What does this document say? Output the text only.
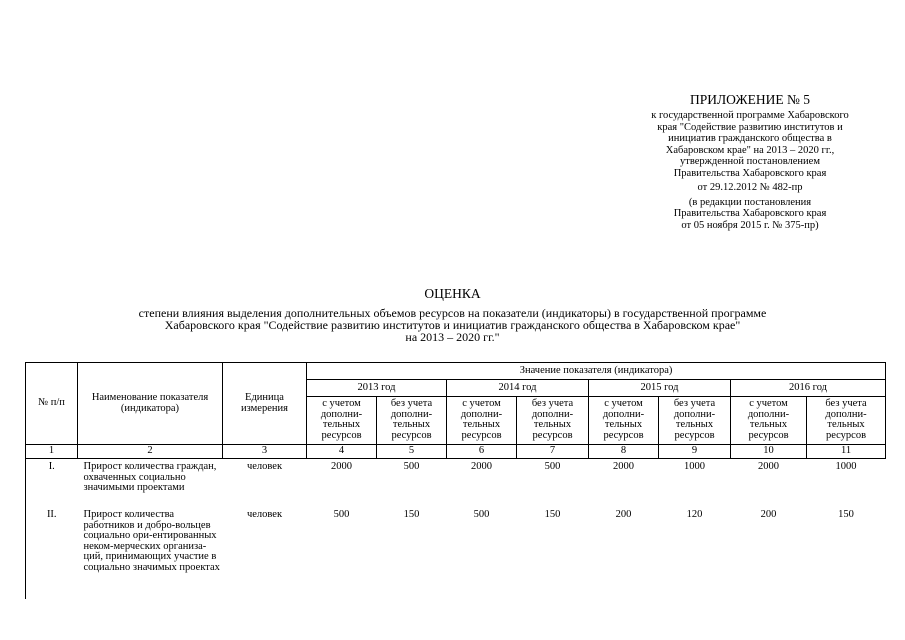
ПРИЛОЖЕНИЕ № 5
к государственной программе Хабаровского
края "Содействие развитию институтов и
инициатив гражданского общества в
Хабаровском крае" на 2013 – 2020 гг.,
утвержденной постановлением
Правительства Хабаровского края
от 29.12.2012 № 482-пр
(в редакции постановления
Правительства Хабаровского края
от 05 ноября 2015 г. № 375-пр)
ОЦЕНКА
степени влияния выделения дополнительных объемов ресурсов на показатели (индикаторы) в государственной программе
Хабаровского края "Содействие развитию институтов и инициатив гражданского общества в Хабаровском крае"
на 2013 – 2020 гг."
№ п/п	Наименование показателя (индикатора)	Единица измерения	Значение показателя (индикатора)							
			2013 год		2014 год		2015 год		2016 год	
			с учетом дополни-тельных ресурсов	без учета дополни-тельных ресурсов	с учетом дополни-тельных ресурсов	без учета дополни-тельных ресурсов	с учетом дополни-тельных ресурсов	без учета дополни-тельных ресурсов	с учетом дополни-тельных ресурсов	без учета дополни-тельных ресурсов
1	2	3	4	5	6	7	8	9	10	11
I.	Прирост количества граждан, охваченных социально значимыми проектами	человек	2000	500	2000	500	2000	1000	2000	1000
II.	Прирост количества работников и добро-вольцев социально ори-ентированных неком-мерческих организа-ций, принимающих участие в социально значимых проектах	человек	500	150	500	150	200	120	200	150
